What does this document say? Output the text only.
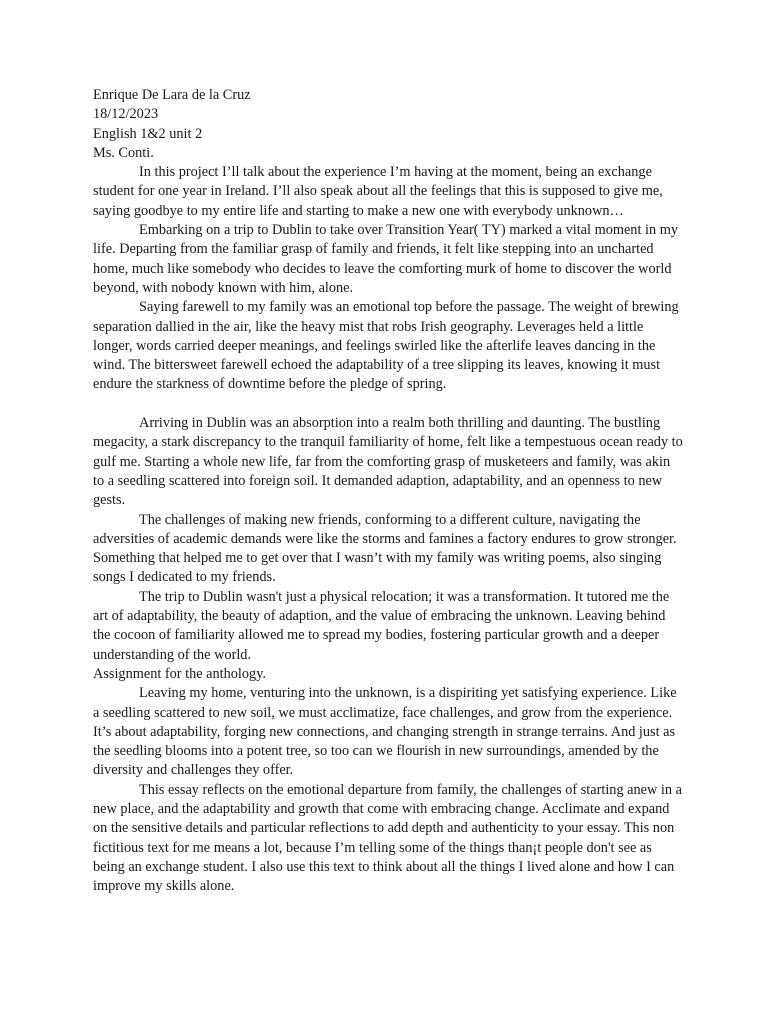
Enrique De Lara de la Cruz

18/12/2023

English 1&2 unit 2

Ms. Conti.

In this project I’ll talk about the experience I’m having at the moment, being an exchange student for one year in Ireland. I’ll also speak about all the feelings that this is supposed to give me, saying goodbye to my entire life and starting to make a new one with everybody unknown…

Embarking on a trip to Dublin to take over Transition Year( TY) marked a vital moment in my life. Departing from the familiar grasp of family and friends, it felt like stepping into an uncharted home, much like somebody who decides to leave the comforting murk of home to discover the world beyond, with nobody known with him, alone.

Saying farewell to my family was an emotional top before the passage. The weight of brewing separation dallied in the air, like the heavy mist that robs Irish geography. Leverages held a little longer, words carried deeper meanings, and feelings swirled like the afterlife leaves dancing in the wind. The bittersweet farewell echoed the adaptability of a tree slipping its leaves, knowing it must endure the starkness of downtime before the pledge of spring.

Arriving in Dublin was an absorption into a realm both thrilling and daunting. The bustling megacity, a stark discrepancy to the tranquil familiarity of home, felt like a tempestuous ocean ready to gulf me. Starting a whole new life, far from the comforting grasp of musketeers and family, was akin to a seedling scattered into foreign soil. It demanded adaption, adaptability, and an openness to new gests.

The challenges of making new friends, conforming to a different culture, navigating the adversities of academic demands were like the storms and famines a factory endures to grow stronger. Something that helped me to get over that I wasn’t with my family was writing poems, also singing songs I dedicated to my friends.

The trip to Dublin wasn't just a physical relocation; it was a transformation. It tutored me the art of adaptability, the beauty of adaption, and the value of embracing the unknown. Leaving behind the cocoon of familiarity allowed me to spread my bodies, fostering particular growth and a deeper understanding of the world.

Assignment for the anthology.

Leaving my home, venturing into the unknown, is a dispiriting yet satisfying experience. Like a seedling scattered to new soil, we must acclimatize, face challenges, and grow from the experience. It’s about adaptability, forging new connections, and changing strength in strange terrains. And just as the seedling blooms into a potent tree, so too can we flourish in new surroundings, amended by the diversity and challenges they offer.

This essay reflects on the emotional departure from family, the challenges of starting anew in a new place, and the adaptability and growth that come with embracing change. Acclimate and expand on the sensitive details and particular reflections to add depth and authenticity to your essay. This non fictitious text for me means a lot, because I’m telling some of the things than¡t people don't see as being an exchange student. I also use this text to think about all the things I lived alone and how I can improve my skills alone.
